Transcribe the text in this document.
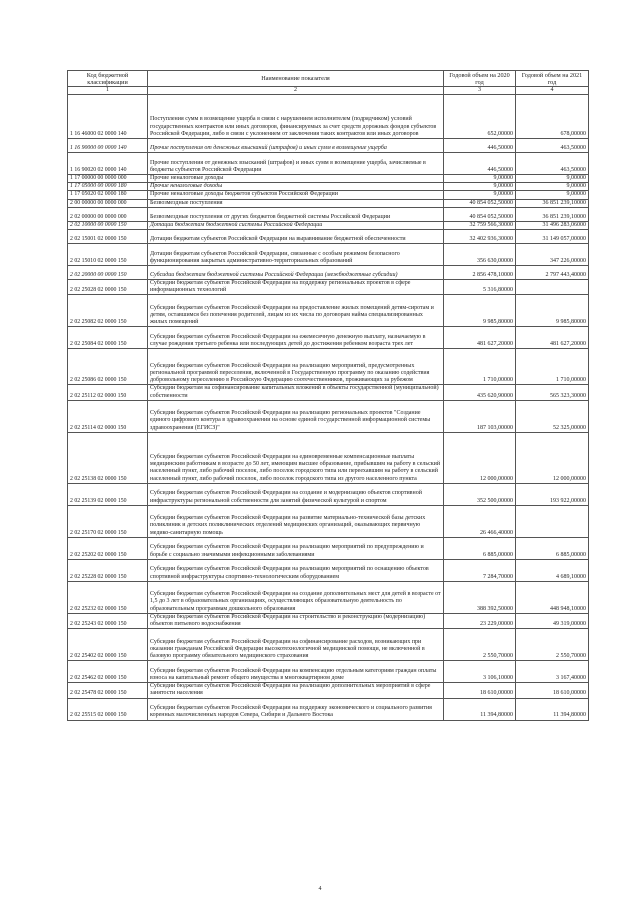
Код бюджетной классификации	Наименование показателя	Годовой объем на 2020 год	Годовой объем на 2021 год
1	2	3	4
1 16 46000 02 0000 140	Поступления сумм в возмещение ущерба в связи с нарушением исполнителем (подрядчиком) условий государственных контрактов или иных договоров, финансируемых за счет средств дорожных фондов субъектов Российской Федерации, либо в связи с уклонением от заключения таких контрактов или иных договоров	652,00000	678,00000
1 16 90000 00 0000 140	Прочие поступления от денежных взысканий (штрафов) и иных сумм в возмещение ущерба	446,50000	463,50000
1 16 90020 02 0000 140	Прочие поступления от денежных взысканий (штрафов) и иных сумм в возмещение ущерба, зачисляемые в бюджеты субъектов Российской Федерации	446,50000	463,50000
1 17 00000 00 0000 000	Прочие неналоговые доходы	9,00000	9,00000
1 17 05000 00 0000 180	Прочие неналоговые доходы	9,00000	9,00000
1 17 05020 02 0000 180	Прочие неналоговые доходы бюджетов субъектов Российской Федерации	9,00000	9,00000
2 00 00000 00 0000 000	Безвозмездные поступления	40 854 052,50000	36 851 239,10000
2 02 00000 00 0000 000	Безвозмездные поступления от других бюджетов бюджетной системы Российской Федерации	40 854 052,50000	36 851 239,10000
2 02 10000 00 0000 150	Дотации бюджетам бюджетной системы Российской Федерации	32 759 566,30000	31 496 283,06000
2 02 15001 02 0000 150	Дотации бюджетам субъектов Российской Федерации на выравнивание бюджетной обеспеченности	32 402 936,30000	31 149 057,00000
2 02 15010 02 0000 150	Дотации бюджетам субъектов Российской Федерации, связанные с особым режимом безопасного функционирования закрытых административно-территориальных образований	356 630,00000	347 226,00000
2 02 20000 00 0000 150	Субсидии бюджетам бюджетной системы Российской Федерации (межбюджетные субсидии)	2 856 478,10000	2 797 443,40000
2 02 25028 02 0000 150	Субсидии бюджетам субъектов Российской Федерации на поддержку региональных проектов в сфере информационных технологий	5 316,80000	
2 02 25082 02 0000 150	Субсидии бюджетам субъектов Российской Федерации на предоставление жилых помещений детям-сиротам и детям, оставшимся без попечения родителей, лицам из их числа по договорам найма специализированных жилых помещений	9 985,80000	9 985,80000
2 02 25084 02 0000 150	Субсидии бюджетам субъектов Российской Федерации на ежемесячную денежную выплату, назначаемую в случае рождения третьего ребенка или последующих детей до достижения ребенком возраста трех лет	481 627,20000	481 627,20000
2 02 25086 02 0000 150	Субсидии бюджетам субъектов Российской Федерации на реализацию мероприятий, предусмотренных региональной программой переселения, включенной в Государственную программу по оказанию содействия добровольному переселению в Российскую Федерацию соотечественников, проживающих за рубежом	1 710,00000	1 710,00000
2 02 25112 02 0000 150	Субсидии бюджетам на софинансирование капитальных вложений в объекты государственной (муниципальной) собственности	435 620,90000	565 323,30000
2 02 25114 02 0000 150	Субсидии бюджетам субъектов Российской Федерации на реализацию региональных проектов "Создание единого цифрового контура в здравоохранении на основе единой государственной информационной системы здравоохранения (ЕГИСЗ)"	187 103,00000	52 325,00000
2 02 25138 02 0000 150	Субсидии бюджетам субъектов Российской Федерации на единовременные компенсационные выплаты медицинским работникам в возрасте до 50 лет, имеющим высшее образование, прибывшим на работу в сельский населенный пункт, либо рабочий поселок, либо поселок городского типа или переехавшим на работу в сельский населенный пункт, либо рабочий поселок, либо поселок городского типа из другого населенного пункта	12 000,00000	12 000,00000
2 02 25139 02 0000 150	Субсидии бюджетам субъектов Российской Федерации на создание и модернизацию объектов спортивной инфраструктуры региональной собственности для занятий физической культурой и спортом	352 500,00000	193 922,00000
2 02 25170 02 0000 150	Субсидии бюджетам субъектов Российской Федерации на развитие материально-технической базы детских поликлиник и детских поликлинических отделений медицинских организаций, оказывающих первичную медико-санитарную помощь	26 466,40000	
2 02 25202 02 0000 150	Субсидии бюджетам субъектов Российской Федерации на реализацию мероприятий по предупреждению и борьбе с социально значимыми инфекционными заболеваниями	6 885,00000	6 885,00000
2 02 25228 02 0000 150	Субсидии бюджетам субъектов Российской Федерации на реализацию мероприятий по оснащению объектов спортивной инфраструктуры спортивно-технологическим оборудованием	7 284,70000	4 689,10000
2 02 25232 02 0000 150	Субсидии бюджетам субъектов Российской Федерации на создание дополнительных мест для детей в возрасте от 1,5 до 3 лет в образовательных организациях, осуществляющих образовательную деятельность по образовательным программам дошкольного образования	388 392,50000	448 948,10000
2 02 25243 02 0000 150	Субсидии бюджетам субъектов Российской Федерации на строительство и реконструкцию (модернизацию) объектов питьевого водоснабжения	23 229,00000	49 319,00000
2 02 25402 02 0000 150	Субсидии бюджетам субъектов Российской Федерации на софинансирование расходов, возникающих при оказании гражданам Российской Федерации высокотехнологичной медицинской помощи, не включенной в базовую программу обязательного медицинского страхования	2 550,70000	2 550,70000
2 02 25462 02 0000 150	Субсидии бюджетам субъектов Российской Федерации на компенсацию отдельным категориям граждан оплаты взноса на капитальный ремонт общего имущества в многоквартирном доме	3 106,10000	3 167,40000
2 02 25478 02 0000 150	Субсидии бюджетам субъектов Российской Федерации на реализацию дополнительных мероприятий в сфере занятости населения	18 610,00000	18 610,00000
2 02 25515 02 0000 150	Субсидии бюджетам субъектов Российской Федерации на поддержку экономического и социального развития коренных малочисленных народов Севера, Сибири и Дальнего Востока	11 394,80000	11 394,80000
4
